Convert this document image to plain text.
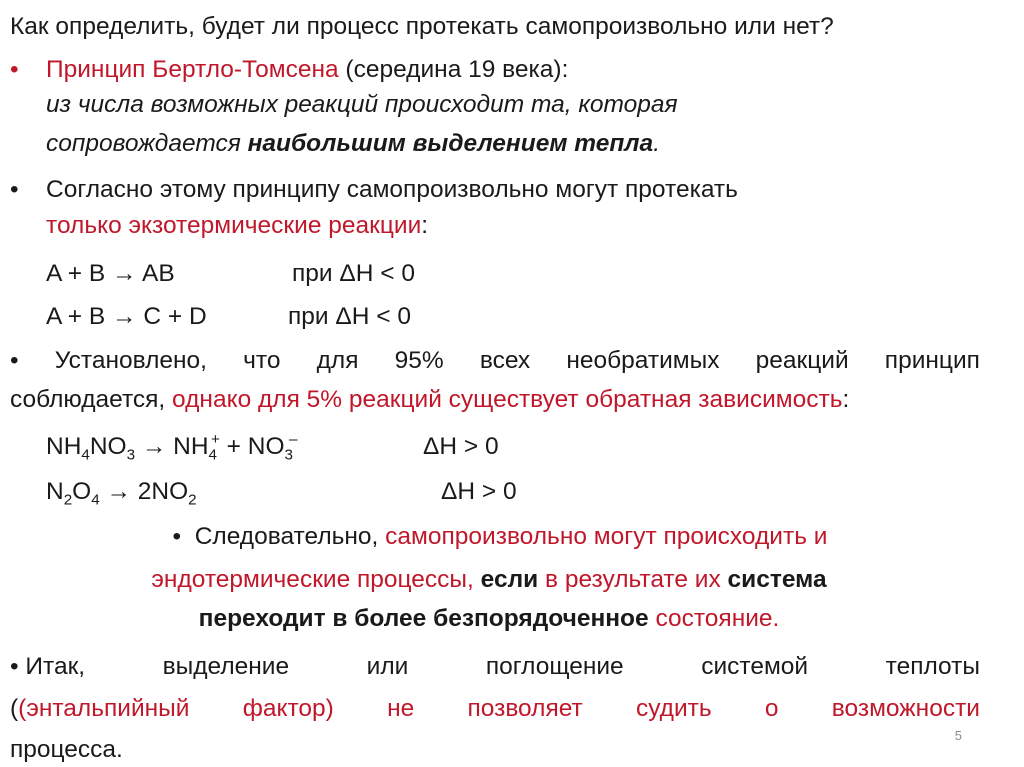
Как определить, будет ли процесс протекать самопроизвольно или нет?
• Принцип Бертло-Томсена (середина 19 века):
из числа возможных реакций происходит та, которая
сопровождается наибольшим выделением тепла.
• Согласно этому принципу самопроизвольно могут протекать
только экзотермические реакции:
A + B → AB	при ΔH < 0
A + B → C + D	при ΔH < 0
• Установлено, что для 95% всех необратимых реакций принцип
соблюдается, однако для 5% реакций существует обратная зависимость:
$NH_4NO_3 \to NH_4^+ + NO_3^-$	ΔH > 0
$N_2O_4 \to 2NO_2$	ΔH > 0
• Следовательно, самопроизвольно могут происходить и
эндотермические процессы, если в результате их система
переходит в более безпорядоченное состояние.
• Итак,	выделение	или	поглощение	системой	теплоты
((энтальпийный фактор) не позволяет судить о возможности
процесса.
5
